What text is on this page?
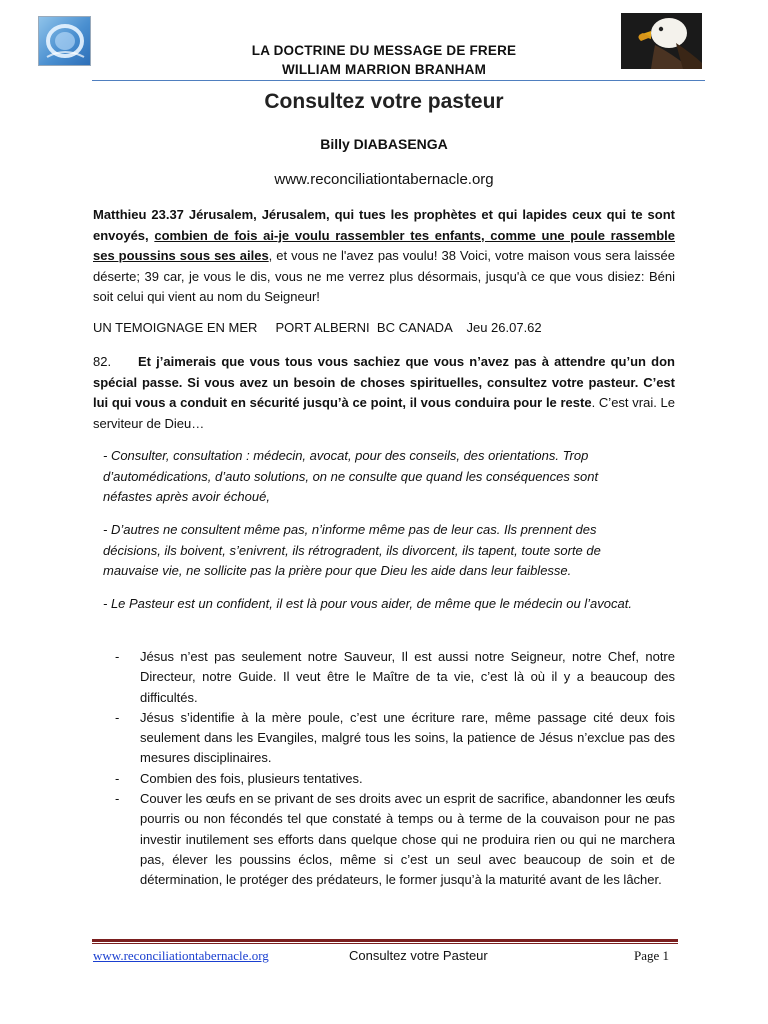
LA DOCTRINE DU MESSAGE DE FRERE
WILLIAM MARRION BRANHAM
Consultez votre pasteur
Billy DIABASENGA
www.reconciliationtabernacle.org
Matthieu 23.37 Jérusalem, Jérusalem, qui tues les prophètes et qui lapides ceux qui te sont envoyés, combien de fois ai-je voulu rassembler tes enfants, comme une poule rassemble ses poussins sous ses ailes, et vous ne l'avez pas voulu! 38 Voici, votre maison vous sera laissée déserte; 39 car, je vous le dis, vous ne me verrez plus désormais, jusqu'à ce que vous disiez: Béni soit celui qui vient au nom du Seigneur!
UN TEMOIGNAGE EN MER     PORT ALBERNI  BC CANADA    Jeu 26.07.62
82. Et j’aimerais que vous tous vous sachiez que vous n’avez pas à attendre qu’un don spécial passe. Si vous avez un besoin de choses spirituelles, consultez votre pasteur. C’est lui qui vous a conduit en sécurité jusqu’à ce point, il vous conduira pour le reste. C’est vrai. Le serviteur de Dieu…
- Consulter, consultation : médecin, avocat, pour des conseils, des orientations. Trop d’automédications, d’auto solutions, on ne consulte que quand les conséquences sont néfastes après avoir échoué,
- D’autres ne consultent même pas, n’informe même pas de leur cas. Ils prennent des décisions, ils boivent, s’enivrent, ils rétrogradent, ils divorcent, ils tapent, toute sorte de mauvaise vie, ne sollicite pas la prière pour que Dieu les aide dans leur faiblesse.
- Le Pasteur est un confident, il est là pour vous aider, de même que le médecin ou l’avocat.
- Jésus n’est pas seulement notre Sauveur, Il est aussi notre Seigneur, notre Chef, notre Directeur, notre Guide. Il veut être le Maître de ta vie, c’est là où il y a beaucoup des difficultés.
- Jésus s’identifie à la mère poule, c’est une écriture rare, même passage cité deux fois seulement dans les Evangiles, malgré tous les soins, la patience de Jésus n’exclue pas des mesures disciplinaires.
- Combien des fois, plusieurs tentatives.
- Couver les œufs en se privant de ses droits avec un esprit de sacrifice, abandonner les œufs pourris ou non fécondés tel que constaté à temps ou à terme de la couvaison pour ne pas investir inutilement ses efforts dans quelque chose qui ne produira rien ou qui ne marchera pas, élever les poussins éclos, même si c’est un seul avec beaucoup de soin et de détermination, le protéger des prédateurs, le former jusqu’à la maturité avant de les lâcher.
www.reconciliationtabernacle.org	Consultez votre Pasteur	Page 1
